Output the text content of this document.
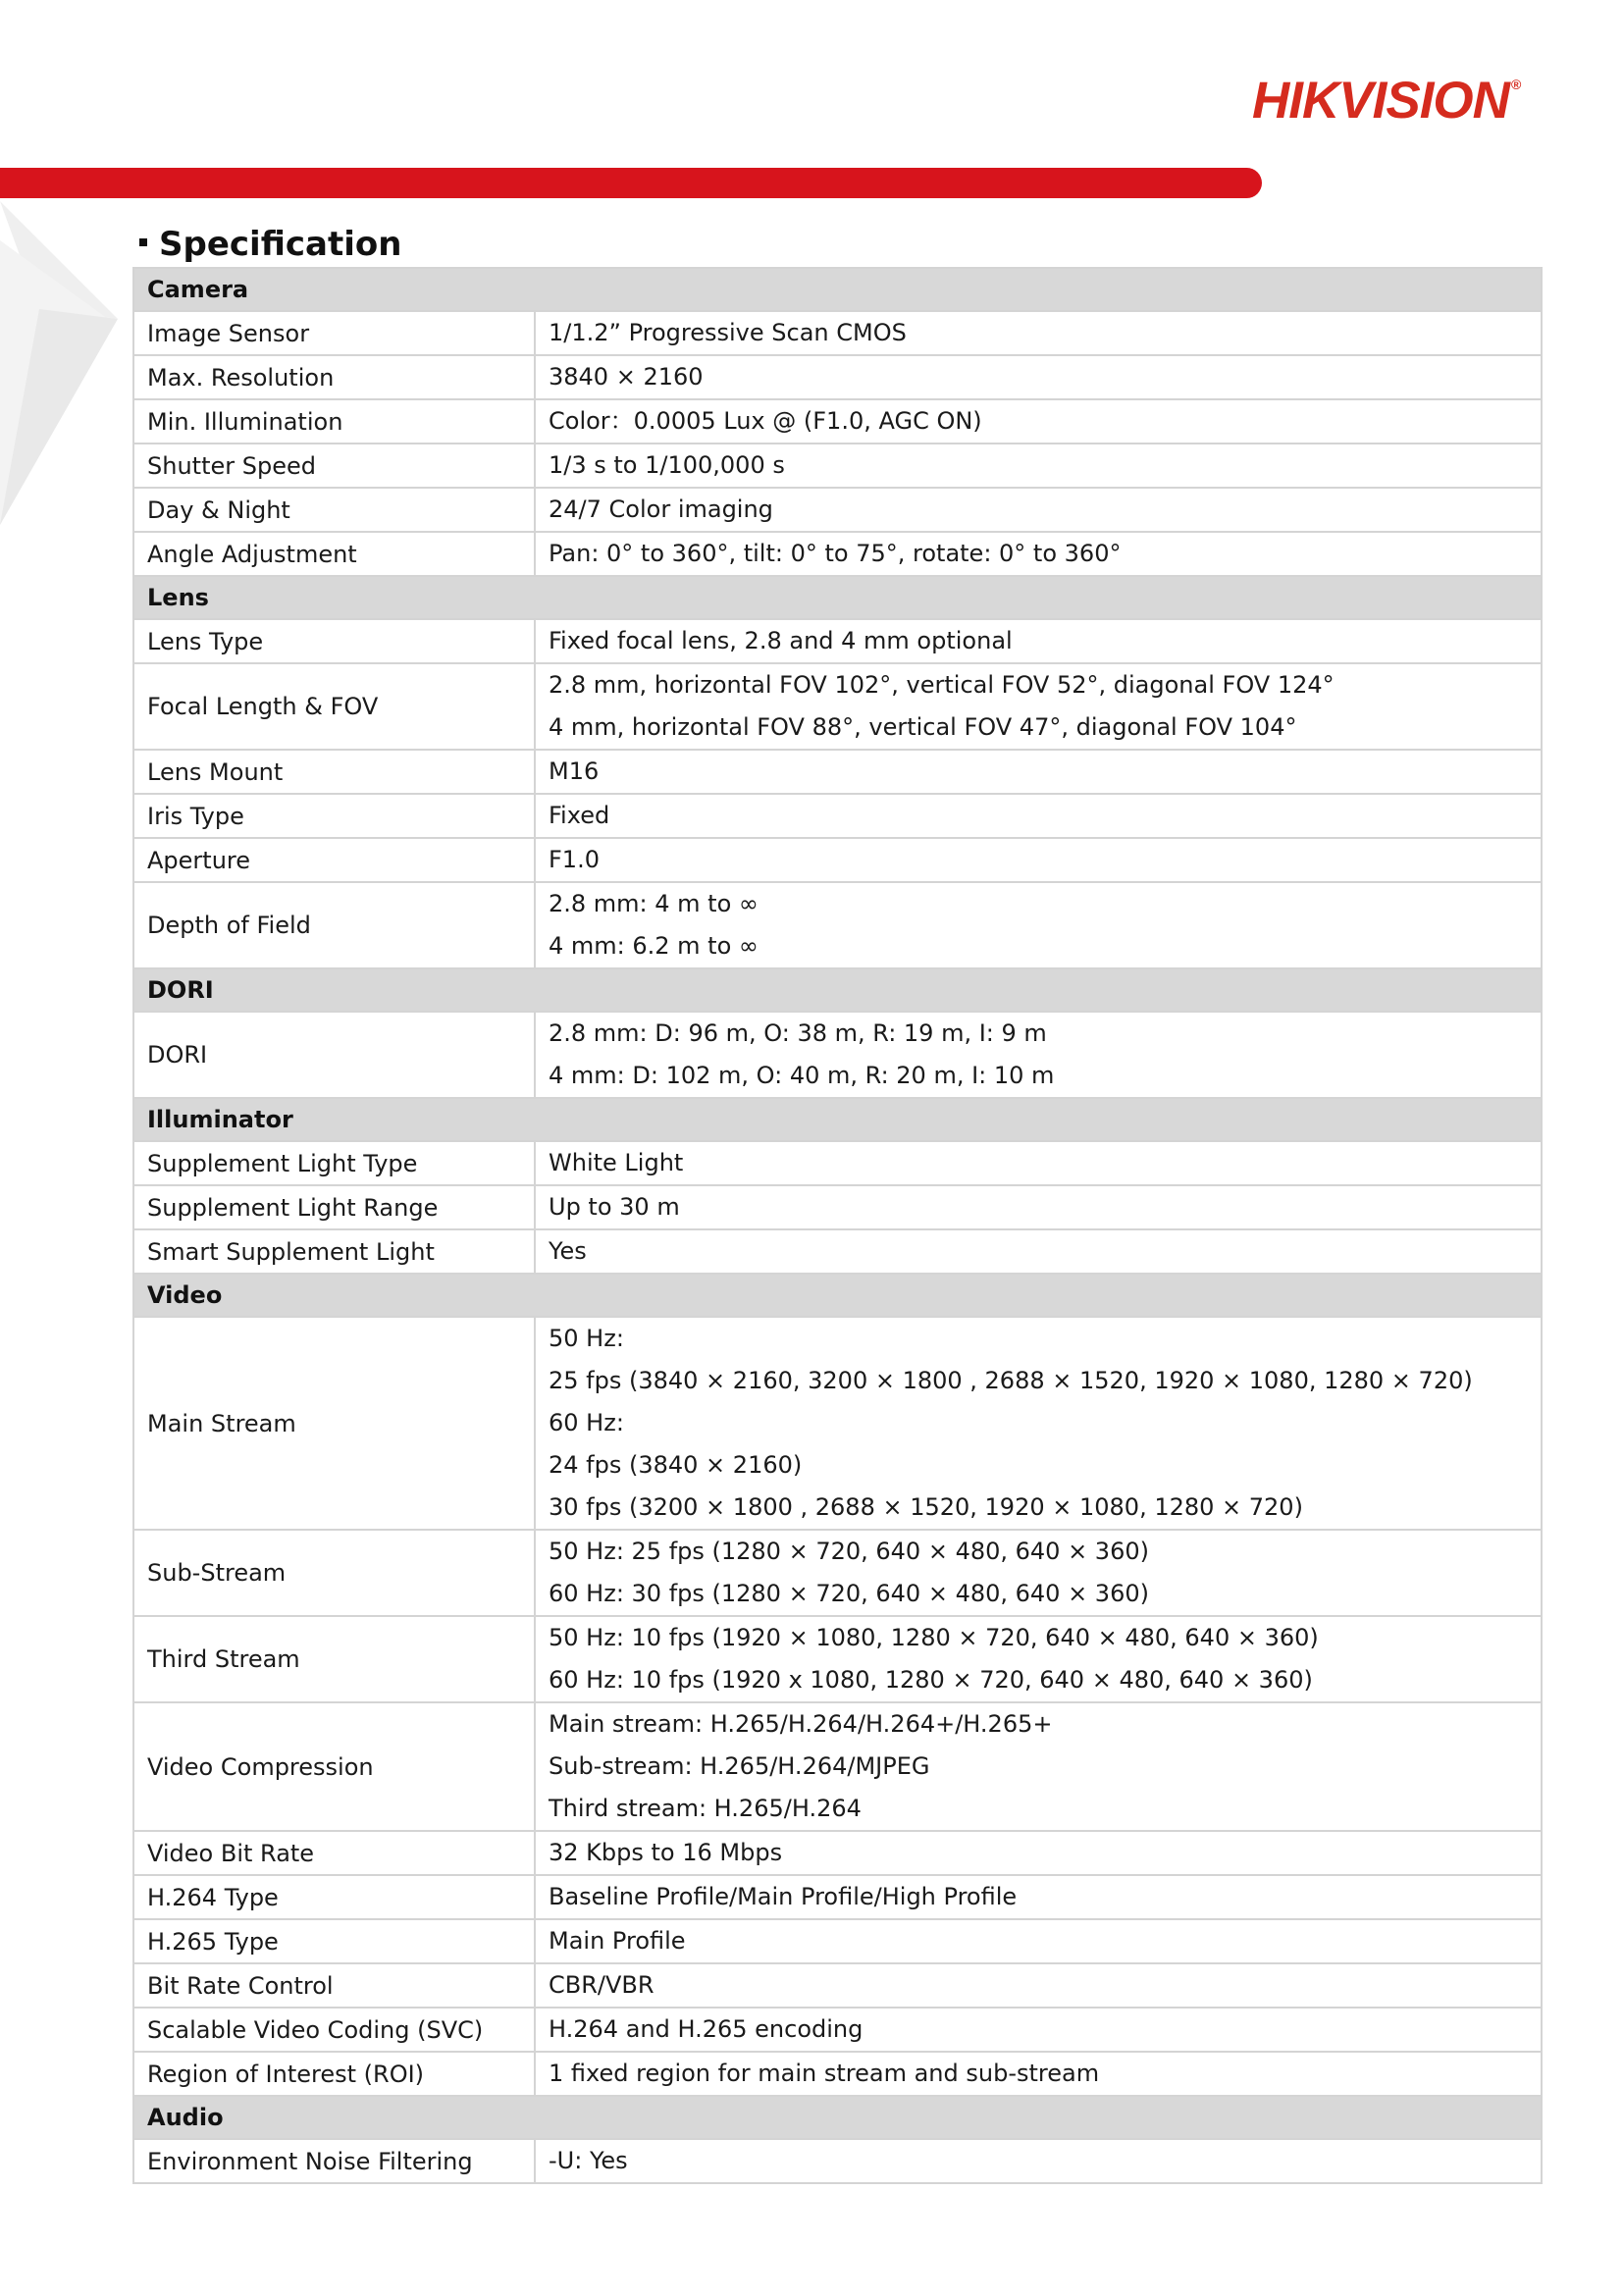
HIKVISION ®
Specification
Camera	
Image Sensor	1/1.2” Progressive Scan CMOS

Max. Resolution	3840 × 2160

Min. Illumination	Color：0.0005 Lux @ (F1.0, AGC ON)

Shutter Speed	1/3 s to 1/100,000 s

Day & Night	24/7 Color imaging

Angle Adjustment	Pan: 0° to 360°, tilt: 0° to 75°, rotate: 0° to 360°

Lens	
Lens Type	Fixed focal lens, 2.8 and 4 mm optional

Focal Length & FOV	2.8 mm, horizontal FOV 102°, vertical FOV 52°, diagonal FOV 124°
4 mm, horizontal FOV 88°, vertical FOV 47°, diagonal FOV 104°

Lens Mount	M16

Iris Type	Fixed

Aperture	F1.0

Depth of Field	2.8 mm: 4 m to ∞
4 mm: 6.2 m to ∞

DORI	
DORI	2.8 mm: D: 96 m, O: 38 m, R: 19 m, I: 9 m
4 mm: D: 102 m, O: 40 m, R: 20 m, I: 10 m

Illuminator	
Supplement Light Type	White Light

Supplement Light Range	Up to 30 m

Smart Supplement Light	Yes

Video	
Main Stream	50 Hz:
25 fps (3840 × 2160, 3200 × 1800 , 2688 × 1520, 1920 × 1080, 1280 × 720)
60 Hz:
24 fps (3840 × 2160)
30 fps (3200 × 1800 , 2688 × 1520, 1920 × 1080, 1280 × 720)

Sub-Stream	50 Hz: 25 fps (1280 × 720, 640 × 480, 640 × 360)
60 Hz: 30 fps (1280 × 720, 640 × 480, 640 × 360)

Third Stream	50 Hz: 10 fps (1920 × 1080, 1280 × 720, 640 × 480, 640 × 360)
60 Hz: 10 fps (1920 x 1080, 1280 × 720, 640 × 480, 640 × 360)

Video Compression	Main stream: H.265/H.264/H.264+/H.265+
Sub-stream: H.265/H.264/MJPEG
Third stream: H.265/H.264

Video Bit Rate	32 Kbps to 16 Mbps

H.264 Type	Baseline Profile/Main Profile/High Profile

H.265 Type	Main Profile

Bit Rate Control	CBR/VBR

Scalable Video Coding (SVC)	H.264 and H.265 encoding

Region of Interest (ROI)	1 fixed region for main stream and sub-stream

Audio	
Environment Noise Filtering	-U: Yes
